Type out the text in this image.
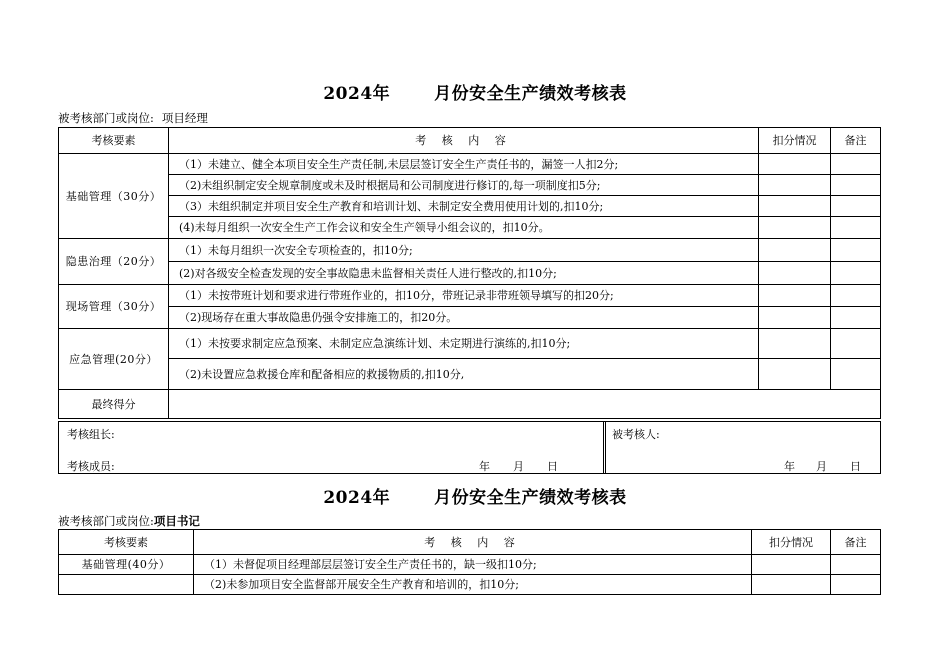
2024年	月份安全生产绩效考核表
被考核部门或岗位: 项目经理
考核要素	考 核 内 容	扣分情况	备注
基础管理（30分）	（1）未建立、健全本项目安全生产责任制,未层层签订安全生产责任书的，漏签一人扣2分;		
	（2)未组织制定安全规章制度或未及时根据局和公司制度进行修订的,每一项制度扣5分;		
	（3）未组织制定并项目安全生产教育和培训计划、未制定安全费用使用计划的,扣10分;		
	(4)未每月组织一次安全生产工作会议和安全生产领导小组会议的，扣10分。		
隐患治理（20分）	（1）未每月组织一次安全专项检查的，扣10分;		
	(2)对各级安全检查发现的安全事故隐患未监督相关责任人进行整改的,扣10分;		
现场管理（30分）	（1）未按带班计划和要求进行带班作业的，扣10分，带班记录非带班领导填写的扣20分;		
	（2)现场存在重大事故隐患仍强令安排施工的，扣20分。		
应急管理(20分）	（1）未按要求制定应急预案、未制定应急演练计划、未定期进行演练的,扣10分;		
	（2)未设置应急救援仓库和配备相应的救援物质的,扣10分,		
最终得分			
考核组长:
考核成员:	年 月 日
被考核人:
年 月 日
2024年	月份安全生产绩效考核表
被考核部门或岗位:项目书记
考核要素	考 核 内 容	扣分情况	备注
基础管理(40分）	（1）未督促项目经理部层层签订安全生产责任书的，缺一级扣10分;		
	（2)未参加项目安全监督部开展安全生产教育和培训的，扣10分;		
